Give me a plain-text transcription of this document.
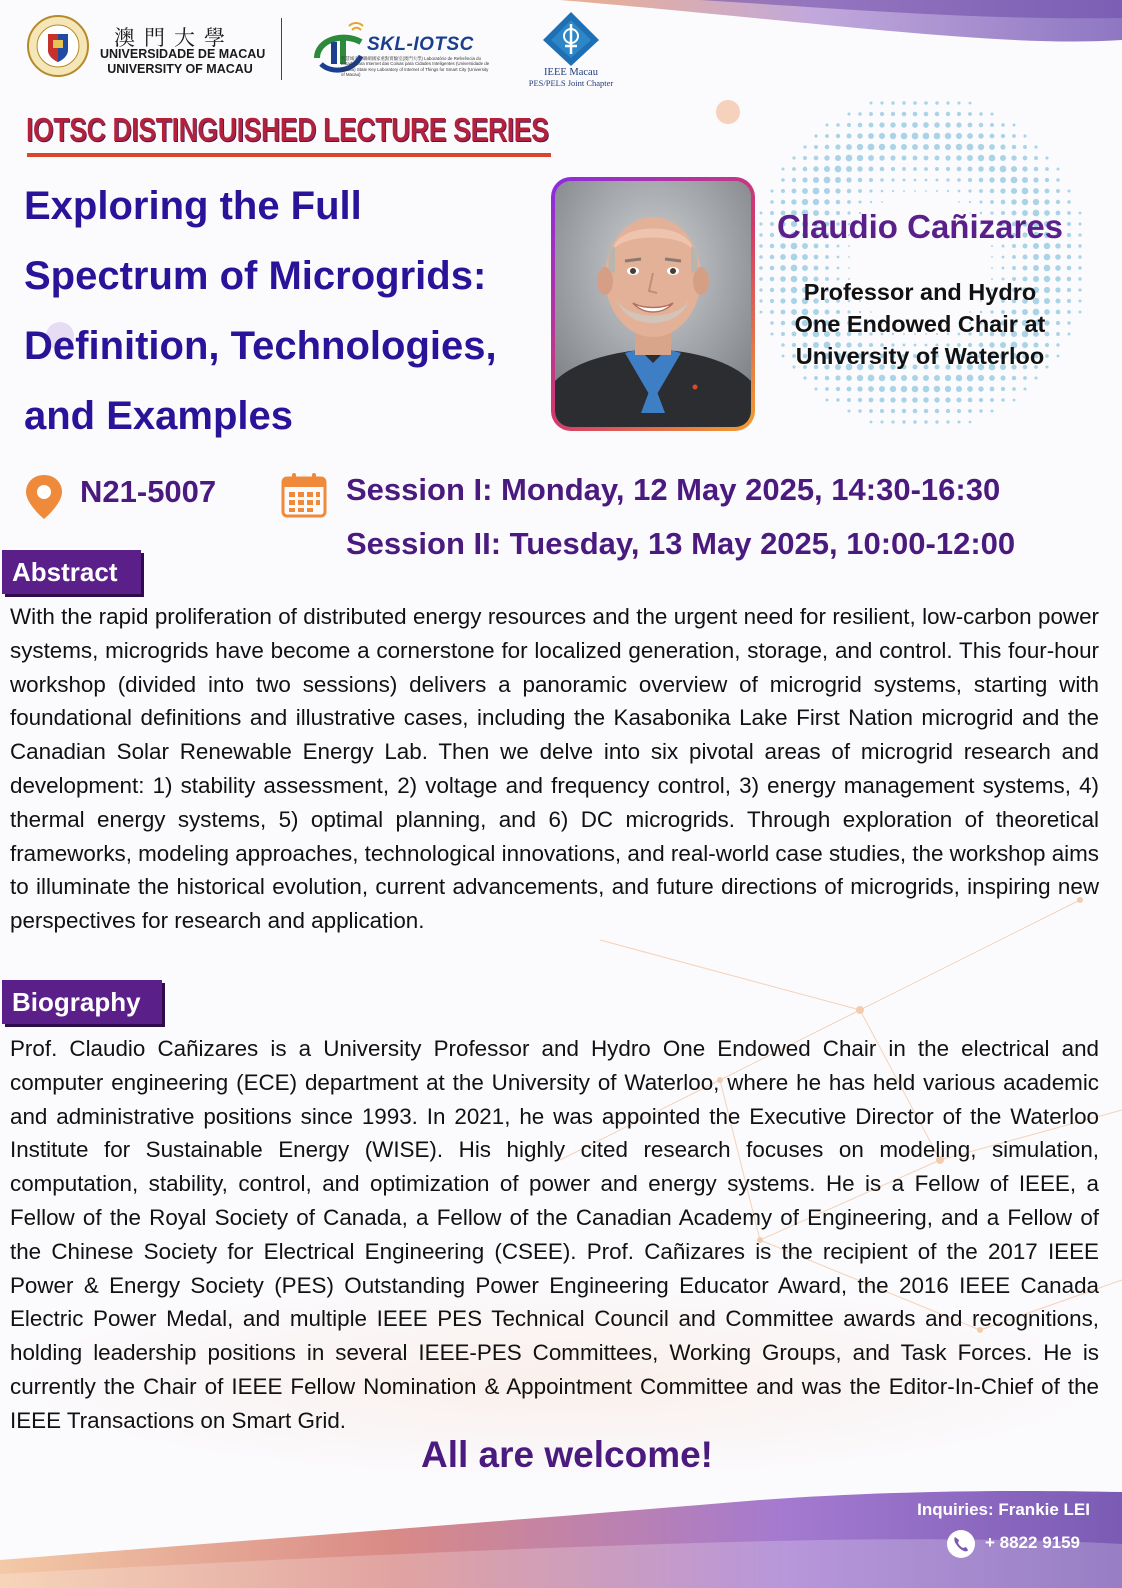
澳門大學
UNIVERSIDADE DE MACAU
UNIVERSITY OF MACAU
SKL-IOTSC
智慧城市物聯網國家重點實驗室(澳門大學) Laboratório de Referência do Estado para Internet das Coisas para Cidades Inteligentes (Universidade de Macau) State Key Laboratory of Internet of Things for Smart City (University of Macau)	IEEE Macau
PES/PELS Joint Chapter
IOTSC DISTINGUISHED LECTURE SERIES
Exploring the Full
Spectrum of Microgrids:
Definition, Technologies,
and Examples
Claudio Cañizares
Professor and Hydro
One Endowed Chair at
University of Waterloo
N21-5007	Session I: Monday, 12 May 2025, 14:30-16:30
Session II: Tuesday, 13 May 2025, 10:00-12:00
Abstract
With the rapid proliferation of distributed energy resources and the urgent need for resilient, low-carbon power systems, microgrids have become a cornerstone for localized generation, storage, and control. This four-hour workshop (divided into two sessions) delivers a panoramic overview of microgrid systems, starting with foundational definitions and illustrative cases, including the Kasabonika Lake First Nation microgrid and the Canadian Solar Renewable Energy Lab. Then we delve into six pivotal areas of microgrid research and development: 1) stability assessment, 2) voltage and frequency control, 3) energy management systems, 4) thermal energy systems, 5) optimal planning, and 6) DC microgrids. Through exploration of theoretical frameworks, modeling approaches, technological innovations, and real-world case studies, the workshop aims to illuminate the historical evolution, current advancements, and future directions of microgrids, inspiring new perspectives for research and application.
Biography
Prof. Claudio Cañizares is a University Professor and Hydro One Endowed Chair in the electrical and computer engineering (ECE) department at the University of Waterloo, where he has held various academic and administrative positions since 1993. In 2021, he was appointed the Executive Director of the Waterloo Institute for Sustainable Energy (WISE). His highly cited research focuses on modeling, simulation, computation, stability, control, and optimization of power and energy systems. He is a Fellow of IEEE, a Fellow of the Royal Society of Canada, a Fellow of the Canadian Academy of Engineering, and a Fellow of the Chinese Society for Electrical Engineering (CSEE). Prof. Cañizares is the recipient of the 2017 IEEE Power & Energy Society (PES) Outstanding Power Engineering Educator Award, the 2016 IEEE Canada Electric Power Medal, and multiple IEEE PES Technical Council and Committee awards and recognitions, holding leadership positions in several IEEE-PES Committees, Working Groups, and Task Forces. He is currently the Chair of IEEE Fellow Nomination & Appointment Committee and was the Editor-In-Chief of the IEEE Transactions on Smart Grid.
All are welcome!
Inquiries: Frankie LEI
+ 8822 9159
